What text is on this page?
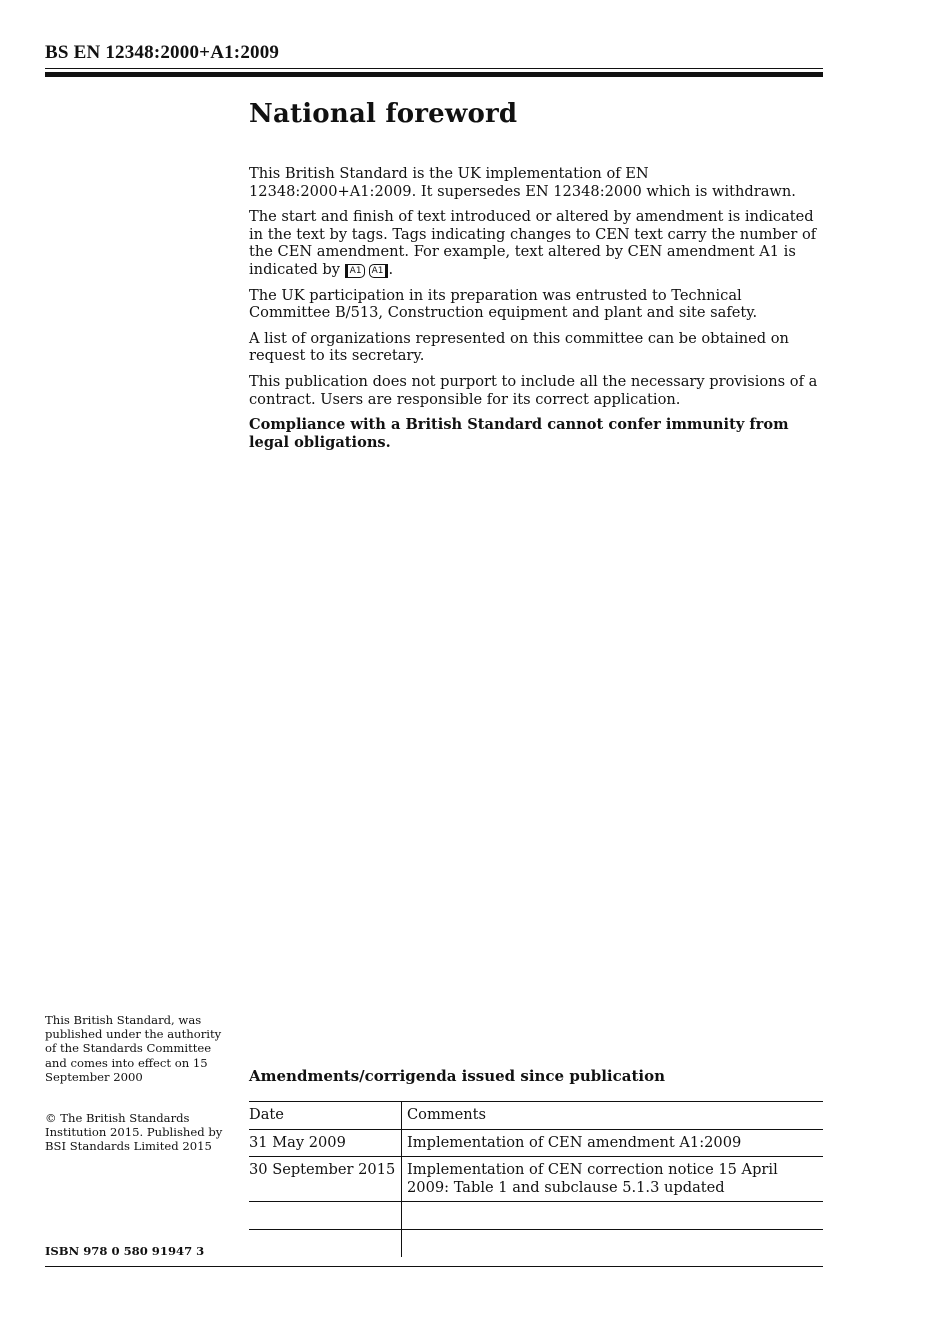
BS EN 12348:2000+A1:2009
National foreword

This British Standard is the UK implementation of EN 12348:2000+A1:2009. It supersedes EN 12348:2000 which is withdrawn.

The start and finish of text introduced or altered by amendment is indicated in the text by tags. Tags indicating changes to CEN text carry the number of the CEN amendment. For example, text altered by CEN amendment A1 is indicated by A1 A1 .

The UK participation in its preparation was entrusted to Technical Committee B/513, Construction equipment and plant and site safety.

A list of organizations represented on this committee can be obtained on request to its secretary.

This publication does not purport to include all the necessary provisions of a contract. Users are responsible for its correct application.

Compliance with a British Standard cannot confer immunity from legal obligations.

This British Standard, was published under the authority of the Standards Committee and comes into effect on 15 September 2000
© The British Standards Institution 2015. Published by BSI Standards Limited 2015
ISBN 978 0 580 91947 3
Amendments/corrigenda issued since publication
Date	Comments
31 May 2009	Implementation of CEN amendment A1:2009
30 September 2015	Implementation of CEN correction notice 15 April 2009: Table 1 and subclause 5.1.3 updated
